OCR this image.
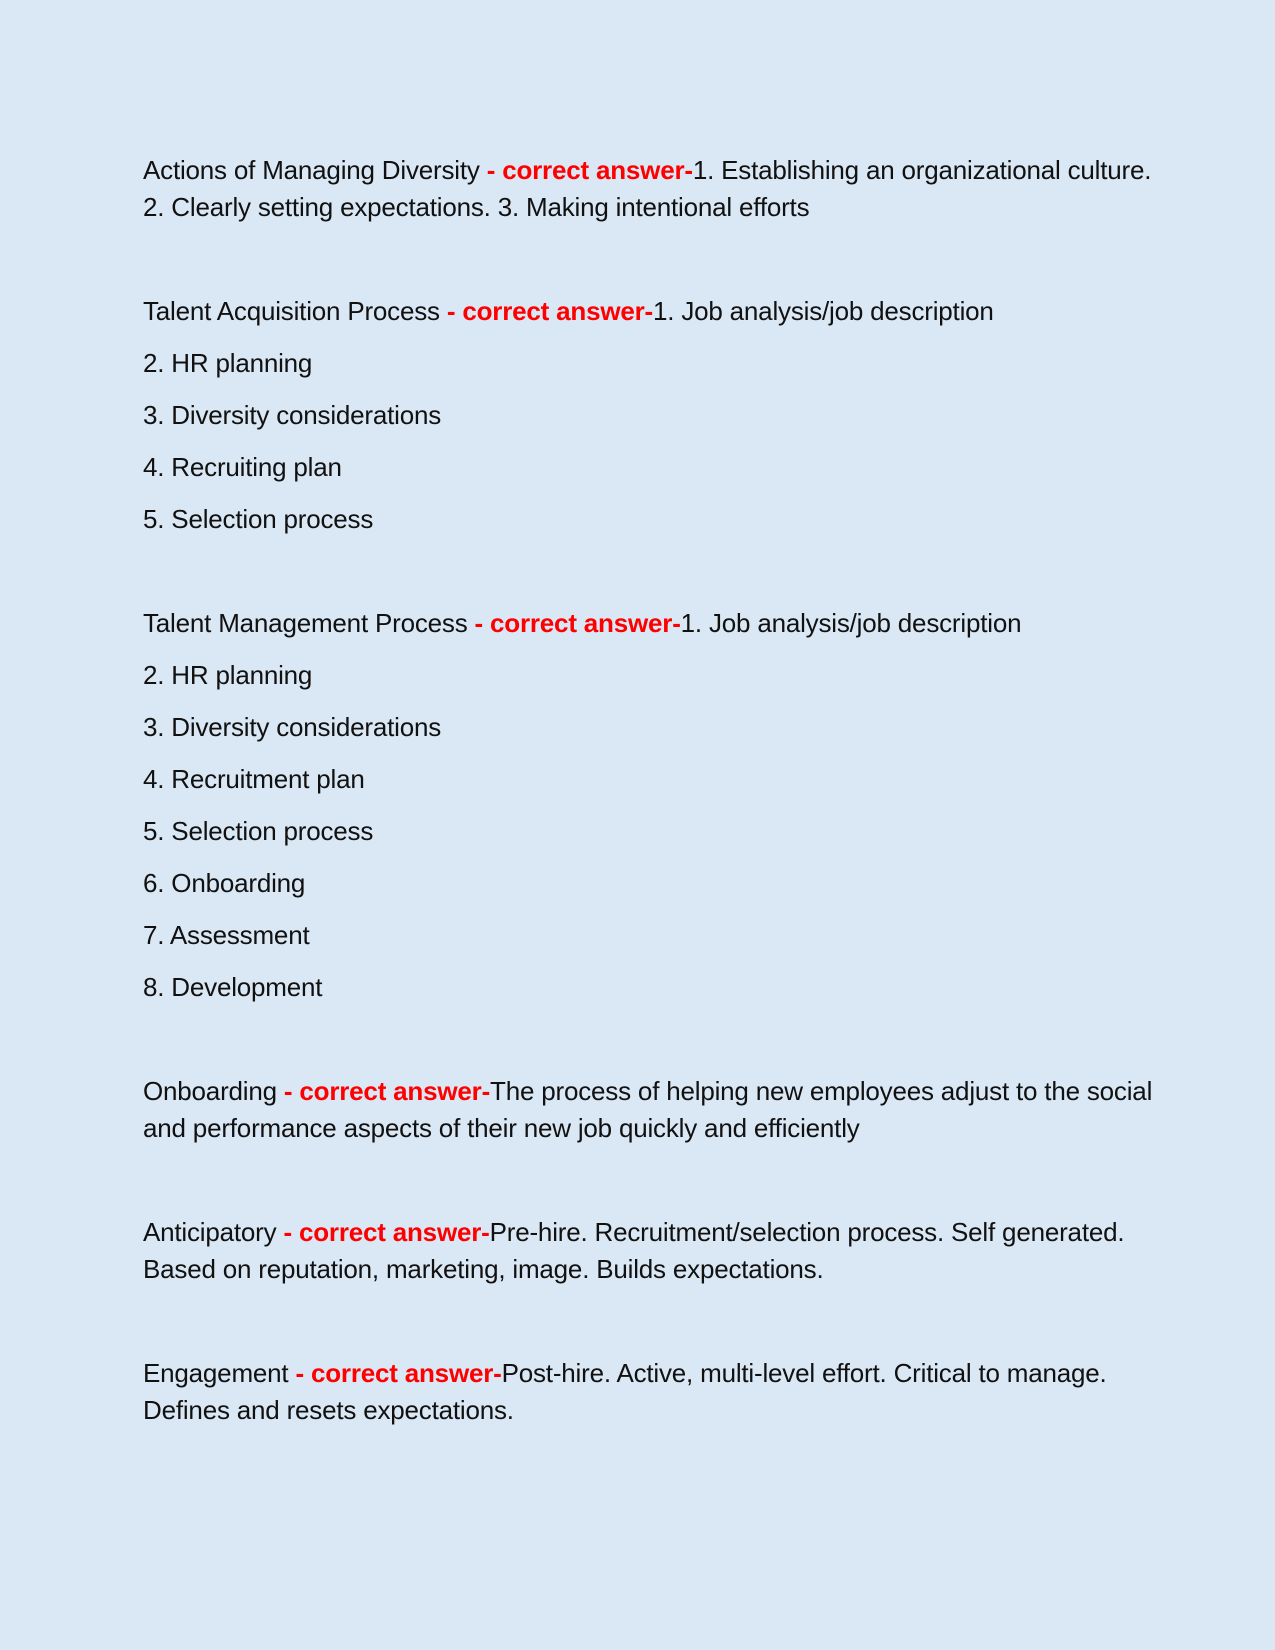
Actions of Managing Diversity - correct answer-1. Establishing an organizational culture. 2. Clearly setting expectations. 3. Making intentional efforts

Talent Acquisition Process - correct answer-1. Job analysis/job description

2. HR planning

3. Diversity considerations

4. Recruiting plan

5. Selection process

Talent Management Process - correct answer-1. Job analysis/job description

2. HR planning

3. Diversity considerations

4. Recruitment plan

5. Selection process

6. Onboarding

7. Assessment

8. Development

Onboarding - correct answer-The process of helping new employees adjust to the social and performance aspects of their new job quickly and efficiently

Anticipatory - correct answer-Pre-hire. Recruitment/selection process. Self generated. Based on reputation, marketing, image. Builds expectations.

Engagement - correct answer-Post-hire. Active, multi-level effort. Critical to manage. Defines and resets expectations.
